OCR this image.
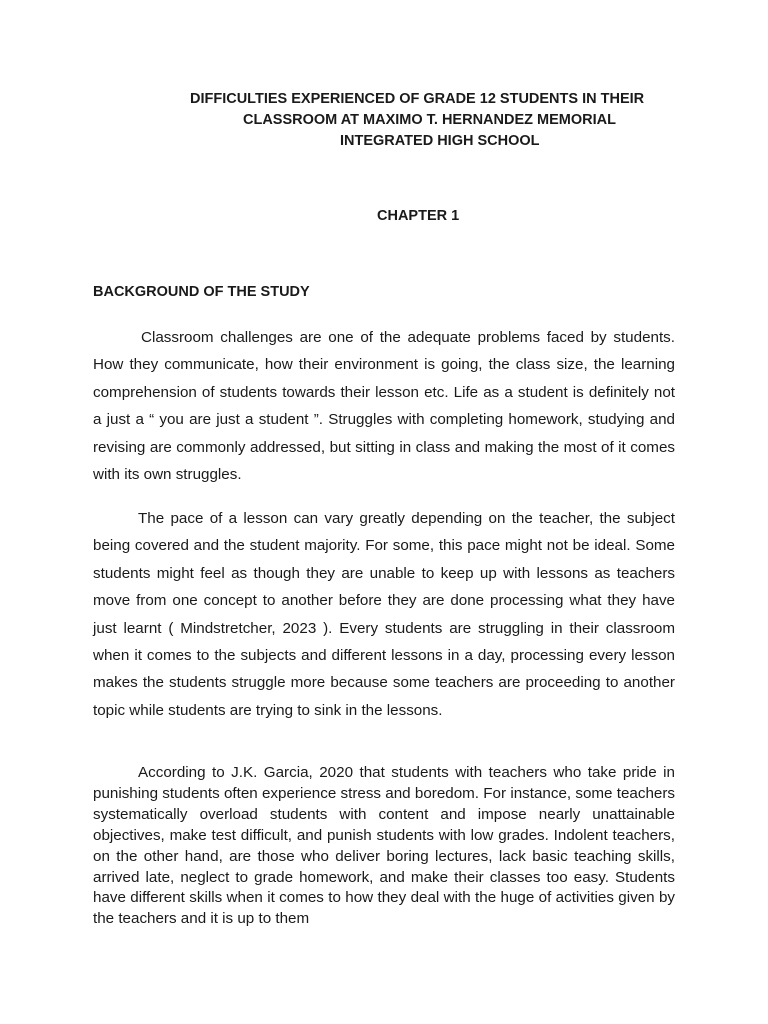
DIFFICULTIES EXPERIENCED OF GRADE 12 STUDENTS IN THEIR
CLASSROOM AT MAXIMO T. HERNANDEZ MEMORIAL
INTEGRATED HIGH SCHOOL
CHAPTER 1
BACKGROUND OF THE STUDY

Classroom challenges are one of the adequate problems faced by students. How they communicate, how their environment is going, the class size, the learning comprehension of students towards their lesson etc. Life as a student is definitely not a just a “ you are just a student ”. Struggles with completing homework, studying and revising are commonly addressed, but sitting in class and making the most of it comes with its own struggles.

The pace of a lesson can vary greatly depending on the teacher, the subject being covered and the student majority. For some, this pace might not be ideal. Some students might feel as though they are unable to keep up with lessons as teachers move from one concept to another before they are done processing what they have just learnt ( Mindstretcher, 2023 ). Every students are struggling in their classroom when it comes to the subjects and different lessons in a day, processing every lesson makes the students struggle more because some teachers are proceeding to another topic while students are trying to sink in the lessons.

According to J.K. Garcia, 2020 that students with teachers who take pride in punishing students often experience stress and boredom. For instance, some teachers systematically overload students with content and impose nearly unattainable objectives, make test difficult, and punish students with low grades. Indolent teachers, on the other hand, are those who deliver boring lectures, lack basic teaching skills, arrived late, neglect to grade homework, and make their classes too easy. Students have different skills when it comes to how they deal with the huge of activities given by the teachers and it is up to them
